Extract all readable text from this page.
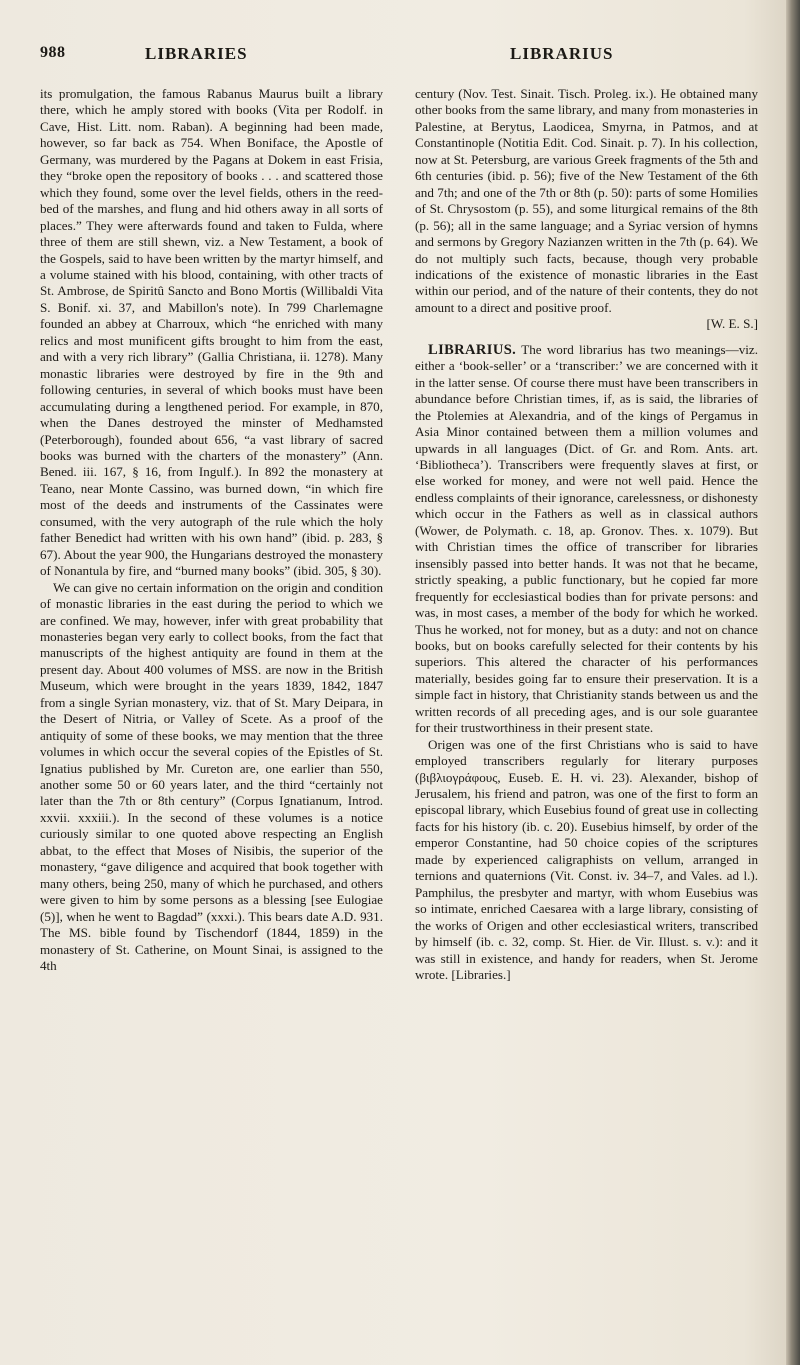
988	LIBRARIES	LIBRARIUS

its promulgation, the famous Rabanus Maurus built a library there, which he amply stored with books (Vita per Rodolf. in Cave, Hist. Litt. nom. Raban). A beginning had been made, however, so far back as 754. When Boniface, the Apostle of Germany, was murdered by the Pagans at Dokem in east Frisia, they “broke open the repository of books . . . and scattered those which they found, some over the level fields, others in the reed-bed of the marshes, and flung and hid others away in all sorts of places.” They were afterwards found and taken to Fulda, where three of them are still shewn, viz. a New Testament, a book of the Gospels, said to have been written by the martyr himself, and a volume stained with his blood, containing, with other tracts of St. Ambrose, de Spiritû Sancto and Bono Mortis (Willibaldi Vita S. Bonif. xi. 37, and Mabillon's note). In 799 Charlemagne founded an abbey at Charroux, which “he enriched with many relics and most munificent gifts brought to him from the east, and with a very rich library” (Gallia Christiana, ii. 1278). Many monastic libraries were destroyed by fire in the 9th and following centuries, in several of which books must have been accumulating during a lengthened period. For example, in 870, when the Danes destroyed the minster of Medhamsted (Peterborough), founded about 656, “a vast library of sacred books was burned with the charters of the monastery” (Ann. Bened. iii. 167, § 16, from Ingulf.). In 892 the monastery at Teano, near Monte Cassino, was burned down, “in which fire most of the deeds and instruments of the Cassinates were consumed, with the very autograph of the rule which the holy father Benedict had written with his own hand” (ibid. p. 283, § 67). About the year 900, the Hungarians destroyed the monastery of Nonantula by fire, and “burned many books” (ibid. 305, § 30).

We can give no certain information on the origin and condition of monastic libraries in the east during the period to which we are confined. We may, however, infer with great probability that monasteries began very early to collect books, from the fact that manuscripts of the highest antiquity are found in them at the present day. About 400 volumes of MSS. are now in the British Museum, which were brought in the years 1839, 1842, 1847 from a single Syrian monastery, viz. that of St. Mary Deipara, in the Desert of Nitria, or Valley of Scete. As a proof of the antiquity of some of these books, we may mention that the three volumes in which occur the several copies of the Epistles of St. Ignatius published by Mr. Cureton are, one earlier than 550, another some 50 or 60 years later, and the third “certainly not later than the 7th or 8th century” (Corpus Ignatianum, Introd. xxvii. xxxiii.). In the second of these volumes is a notice curiously similar to one quoted above respecting an English abbat, to the effect that Moses of Nisibis, the superior of the monastery, “gave diligence and acquired that book together with many others, being 250, many of which he purchased, and others were given to him by some persons as a blessing [see Eulogiae (5)], when he went to Bagdad” (xxxi.). This bears date A.D. 931. The MS. bible found by Tischendorf (1844, 1859) in the monastery of St. Catherine, on Mount Sinai, is assigned to the 4th

century (Nov. Test. Sinait. Tisch. Proleg. ix.). He obtained many other books from the same library, and many from monasteries in Palestine, at Berytus, Laodicea, Smyrna, in Patmos, and at Constantinople (Notitia Edit. Cod. Sinait. p. 7). In his collection, now at St. Petersburg, are various Greek fragments of the 5th and 6th centuries (ibid. p. 56); five of the New Testament of the 6th and 7th; and one of the 7th or 8th (p. 50): parts of some Homilies of St. Chrysostom (p. 55), and some liturgical remains of the 8th (p. 56); all in the same language; and a Syriac version of hymns and sermons by Gregory Nazianzen written in the 7th (p. 64). We do not multiply such facts, because, though very probable indications of the existence of monastic libraries in the East within our period, and of the nature of their contents, they do not amount to a direct and positive proof.

[W. E. S.]

LIBRARIUS. The word librarius has two meanings—viz. either a ‘book-seller’ or a ‘transcriber:’ we are concerned with it in the latter sense. Of course there must have been transcribers in abundance before Christian times, if, as is said, the libraries of the Ptolemies at Alexandria, and of the kings of Pergamus in Asia Minor contained between them a million volumes and upwards in all languages (Dict. of Gr. and Rom. Ants. art. ‘Bibliotheca’). Transcribers were frequently slaves at first, or else worked for money, and were not well paid. Hence the endless complaints of their ignorance, carelessness, or dishonesty which occur in the Fathers as well as in classical authors (Wower, de Polymath. c. 18, ap. Gronov. Thes. x. 1079). But with Christian times the office of transcriber for libraries insensibly passed into better hands. It was not that he became, strictly speaking, a public functionary, but he copied far more frequently for ecclesiastical bodies than for private persons: and was, in most cases, a member of the body for which he worked. Thus he worked, not for money, but as a duty: and not on chance books, but on books carefully selected for their contents by his superiors. This altered the character of his performances materially, besides going far to ensure their preservation. It is a simple fact in history, that Christianity stands between us and the written records of all preceding ages, and is our sole guarantee for their trustworthiness in their present state.

Origen was one of the first Christians who is said to have employed transcribers regularly for literary purposes (βιβλιογράφους, Euseb. E. H. vi. 23). Alexander, bishop of Jerusalem, his friend and patron, was one of the first to form an episcopal library, which Eusebius found of great use in collecting facts for his history (ib. c. 20). Eusebius himself, by order of the emperor Constantine, had 50 choice copies of the scriptures made by experienced caligraphists on vellum, arranged in ternions and quaternions (Vit. Const. iv. 34–7, and Vales. ad l.). Pamphilus, the presbyter and martyr, with whom Eusebius was so intimate, enriched Caesarea with a large library, consisting of the works of Origen and other ecclesiastical writers, transcribed by himself (ib. c. 32, comp. St. Hier. de Vir. Illust. s. v.): and it was still in existence, and handy for readers, when St. Jerome wrote. [Libraries.]
